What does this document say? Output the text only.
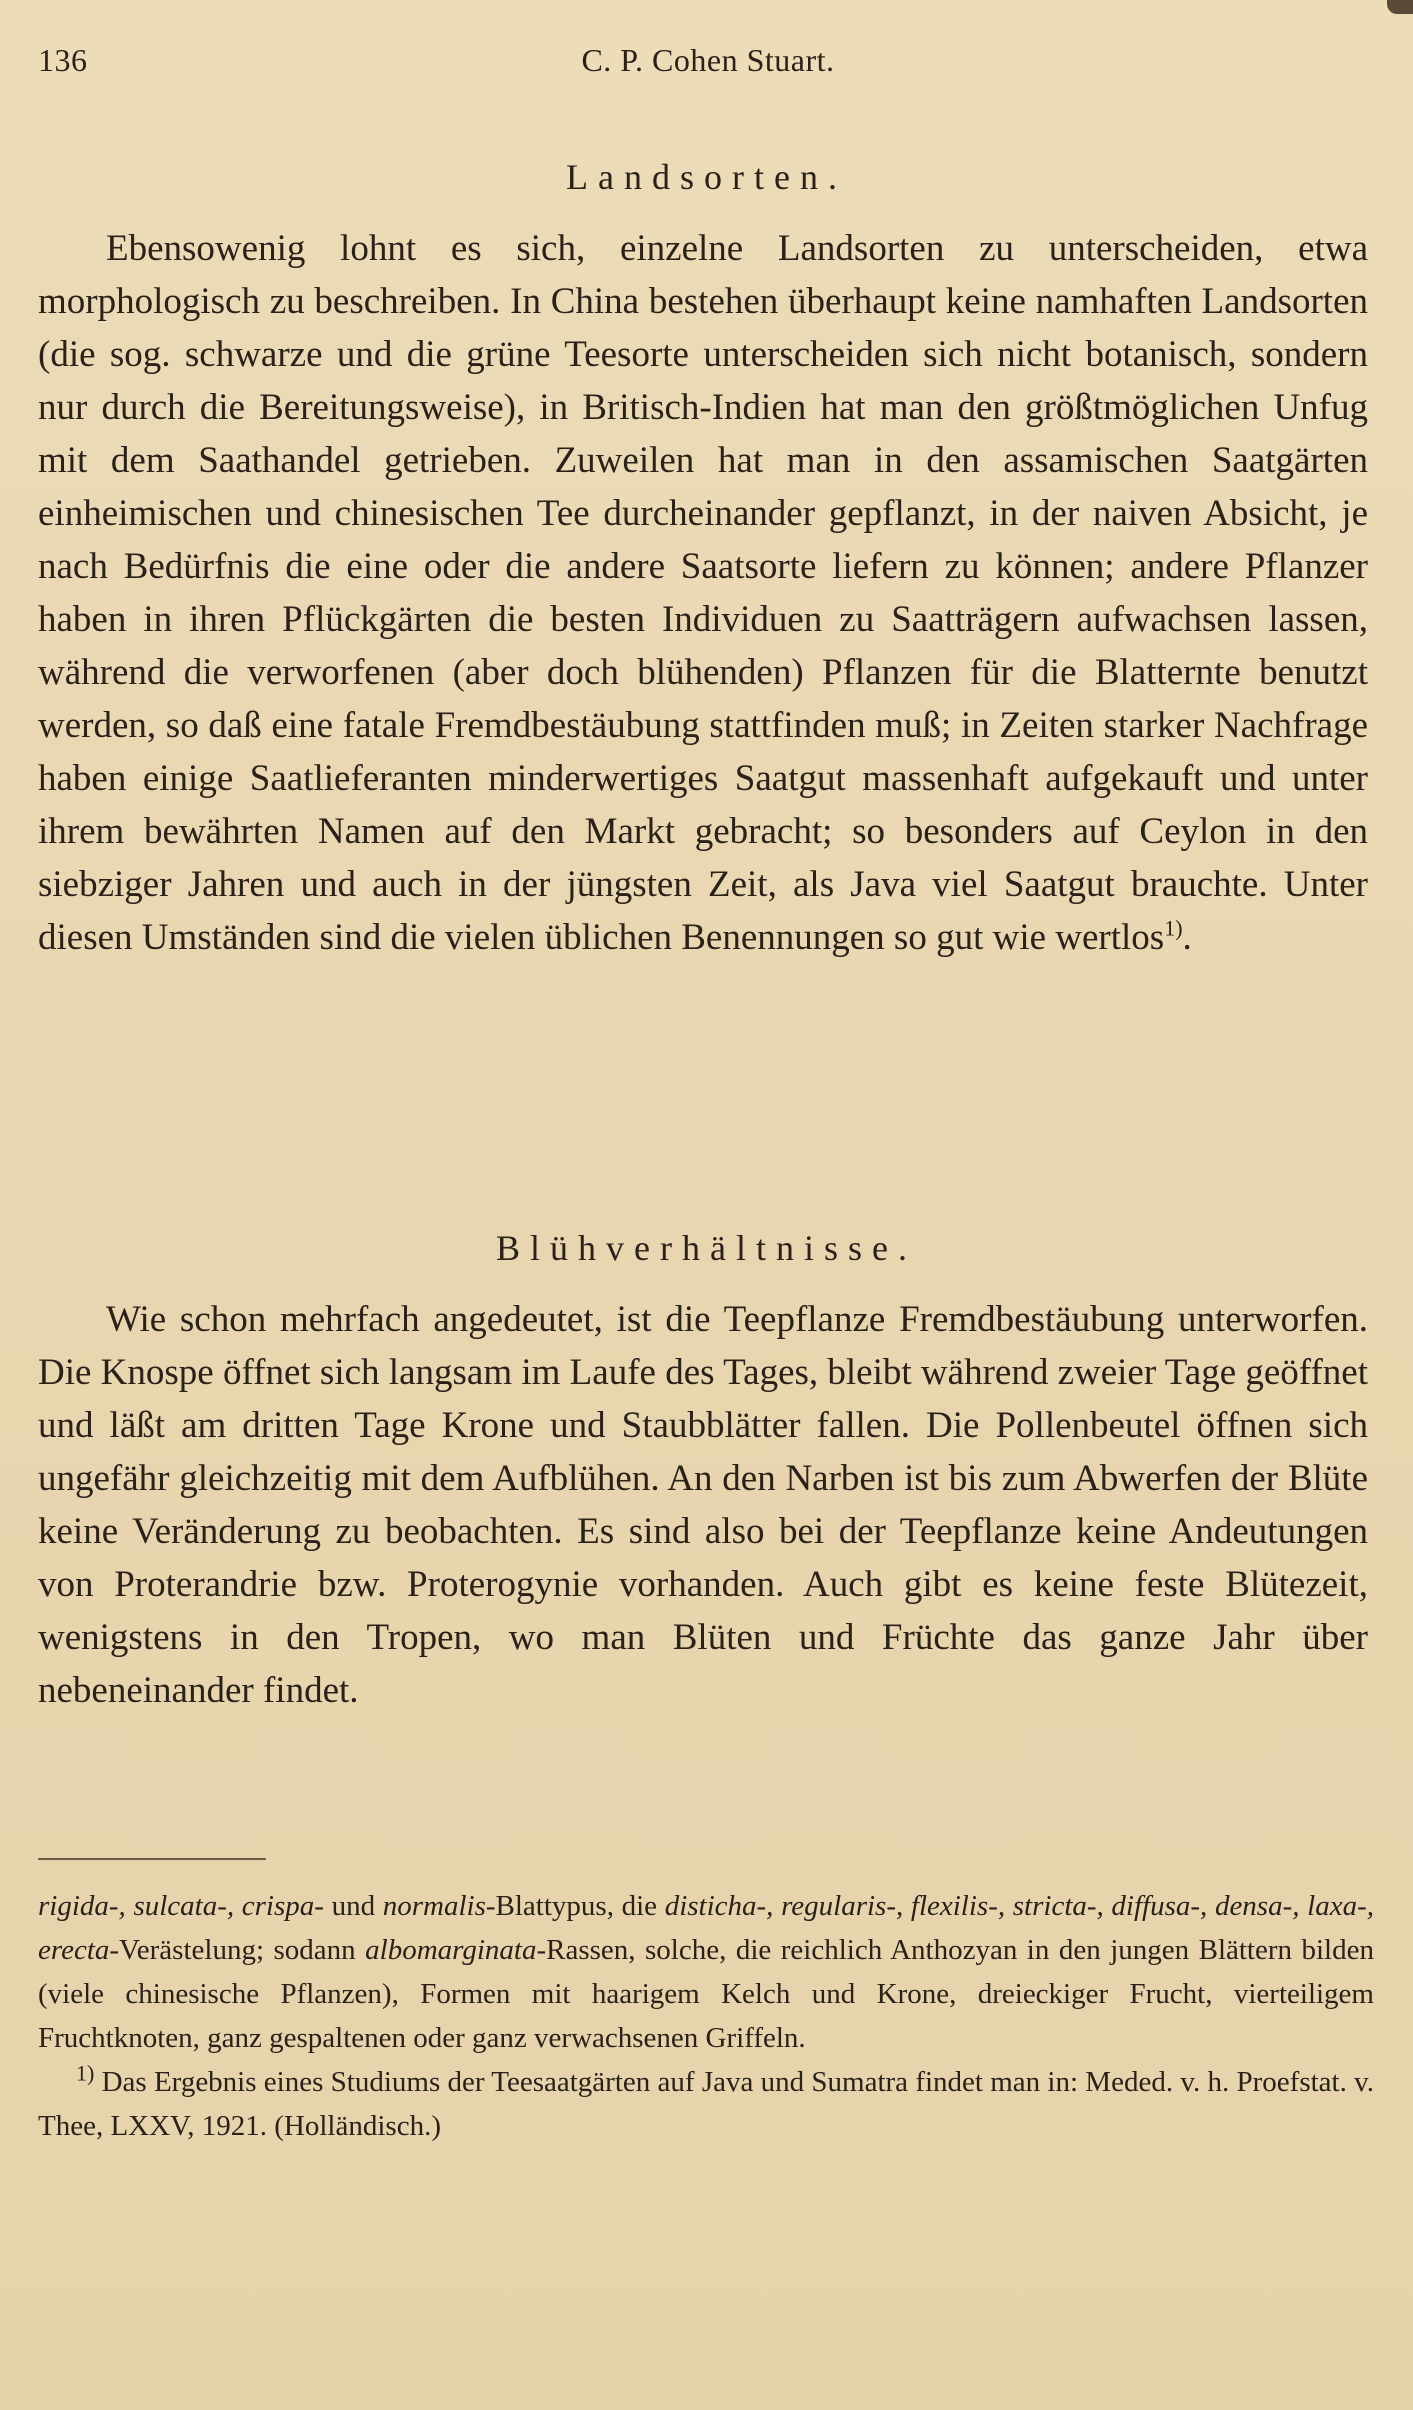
136	C. P. Cohen Stuart.
Landsorten.

Ebensowenig lohnt es sich, einzelne Landsorten zu unterscheiden, etwa morphologisch zu beschreiben. In China bestehen überhaupt keine namhaften Landsorten (die sog. schwarze und die grüne Teesorte unterscheiden sich nicht botanisch, sondern nur durch die Bereitungsweise), in Britisch-Indien hat man den größtmöglichen Unfug mit dem Saathandel getrieben. Zuweilen hat man in den assamischen Saatgärten einheimischen und chinesischen Tee durcheinander gepflanzt, in der naiven Absicht, je nach Bedürfnis die eine oder die andere Saatsorte liefern zu können; andere Pflanzer haben in ihren Pflückgärten die besten Individuen zu Saatträgern aufwachsen lassen, während die verworfenen (aber doch blühenden) Pflanzen für die Blatternte benutzt werden, so daß eine fatale Fremdbestäubung stattfinden muß; in Zeiten starker Nachfrage haben einige Saatlieferanten minderwertiges Saatgut massenhaft aufgekauft und unter ihrem bewährten Namen auf den Markt gebracht; so besonders auf Ceylon in den siebziger Jahren und auch in der jüngsten Zeit, als Java viel Saatgut brauchte. Unter diesen Umständen sind die vielen üblichen Benennungen so gut wie wertlos$^{1)}$.

Blühverhältnisse.

Wie schon mehrfach angedeutet, ist die Teepflanze Fremdbestäubung unterworfen. Die Knospe öffnet sich langsam im Laufe des Tages, bleibt während zweier Tage geöffnet und läßt am dritten Tage Krone und Staubblätter fallen. Die Pollenbeutel öffnen sich ungefähr gleichzeitig mit dem Aufblühen. An den Narben ist bis zum Abwerfen der Blüte keine Veränderung zu beobachten. Es sind also bei der Teepflanze keine Andeutungen von Proterandrie bzw. Proterogynie vorhanden. Auch gibt es keine feste Blütezeit, wenigstens in den Tropen, wo man Blüten und Früchte das ganze Jahr über nebeneinander findet.

rigida-, sulcata-, crispa- und normalis-Blattypus, die disticha-, regularis-, flexilis-, stricta-, diffusa-, densa-, laxa-, erecta-Verästelung; sodann albomarginata-Rassen, solche, die reichlich Anthozyan in den jungen Blättern bilden (viele chinesische Pflanzen), Formen mit haarigem Kelch und Krone, dreieckiger Frucht, vierteiligem Fruchtknoten, ganz gespaltenen oder ganz verwachsenen Griffeln.

$^{1)}$ Das Ergebnis eines Studiums der Teesaatgärten auf Java und Sumatra findet man in: Meded. v. h. Proefstat. v. Thee, LXXV, 1921. (Holländisch.)
